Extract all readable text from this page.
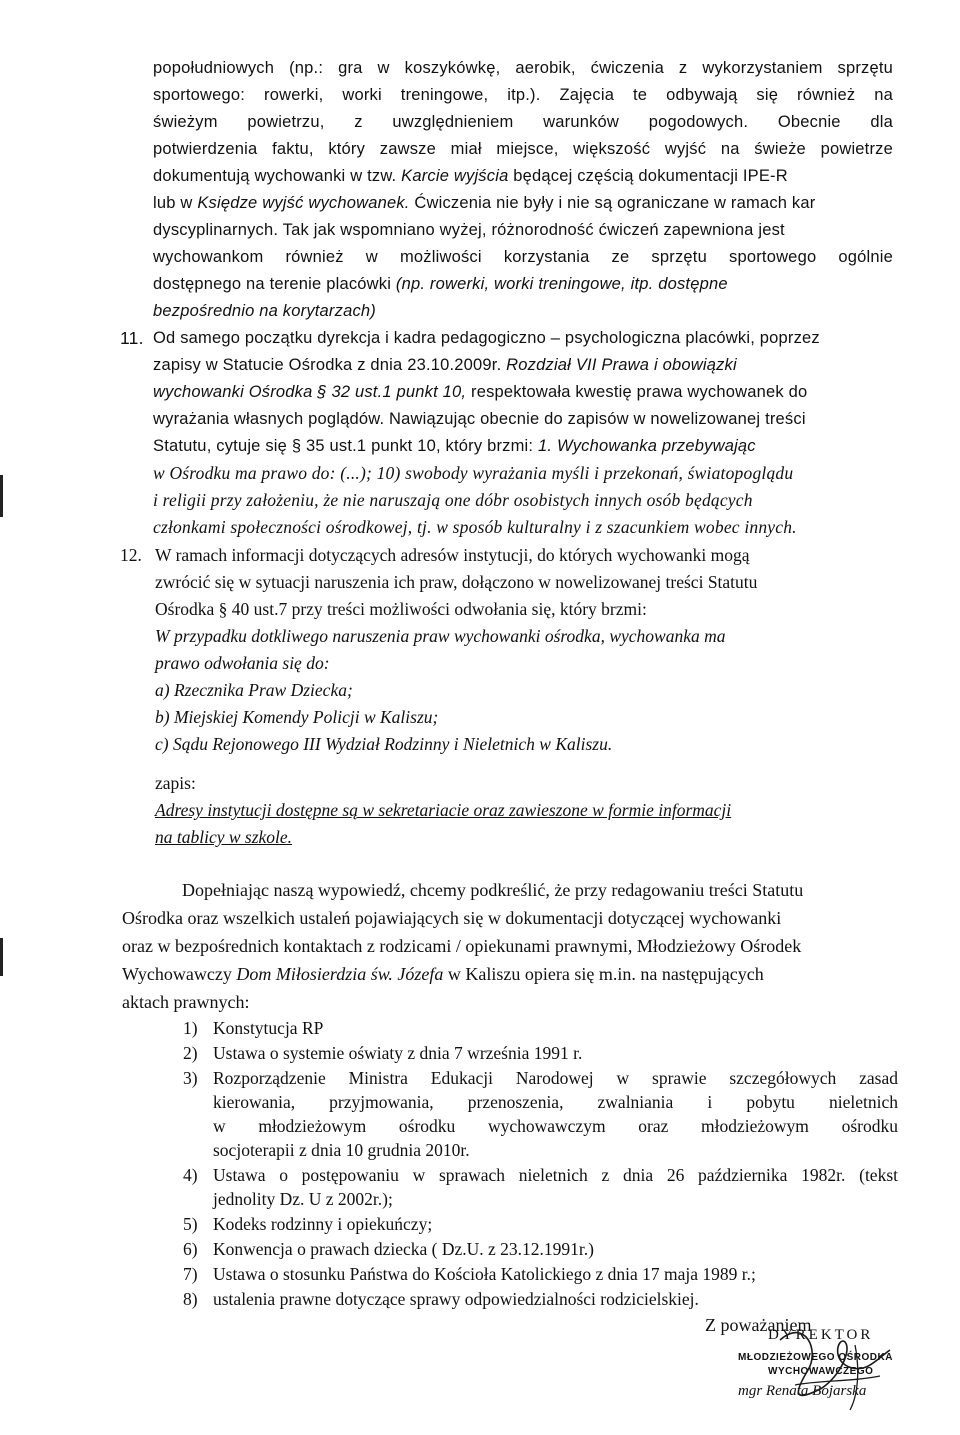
popołudniowych (np.: gra w koszykówkę, aerobik, ćwiczenia z wykorzystaniem sprzętu
sportowego: rowerki, worki treningowe, itp.). Zajęcia te odbywają się również na
świeżym powietrzu, z uwzględnieniem warunków pogodowych. Obecnie dla
potwierdzenia faktu, który zawsze miał miejsce, większość wyjść na świeże powietrze
dokumentują wychowanki w tzw. Karcie wyjścia będącej częścią dokumentacji IPE-R
lub w Księdze wyjść wychowanek. Ćwiczenia nie były i nie są ograniczane w ramach kar
dyscyplinarnych. Tak jak wspomniano wyżej, różnorodność ćwiczeń zapewniona jest
wychowankom również w możliwości korzystania ze sprzętu sportowego ogólnie
dostępnego na terenie placówki (np. rowerki, worki treningowe, itp. dostępne
bezpośrednio na korytarzach)
11. Od samego początku dyrekcja i kadra pedagogiczno – psychologiczna placówki, poprzez
zapisy w Statucie Ośrodka z dnia 23.10.2009r. Rozdział VII Prawa i obowiązki
wychowanki Ośrodka § 32 ust.1 punkt 10, respektowała kwestię prawa wychowanek do
wyrażania własnych poglądów. Nawiązując obecnie do zapisów w nowelizowanej treści
Statutu, cytuje się § 35 ust.1 punkt 10, który brzmi: 1. Wychowanka przebywając
w Ośrodku ma prawo do: (...); 10) swobody wyrażania myśli i przekonań, światopoglądu
i religii przy założeniu, że nie naruszają one dóbr osobistych innych osób będących
członkami społeczności ośrodkowej, tj. w sposób kulturalny i z szacunkiem wobec innych.
12. W ramach informacji dotyczących adresów instytucji, do których wychowanki mogą
zwrócić się w sytuacji naruszenia ich praw, dołączono w nowelizowanej treści Statutu
Ośrodka § 40 ust.7 przy treści możliwości odwołania się, który brzmi:
W przypadku dotkliwego naruszenia praw wychowanki ośrodka, wychowanka ma
prawo odwołania się do:
a) Rzecznika Praw Dziecka;
b) Miejskiej Komendy Policji w Kaliszu;
c) Sądu Rejonowego III Wydział Rodzinny i Nieletnich w Kaliszu.
zapis:
Adresy instytucji dostępne są w sekretariacie oraz zawieszone w formie informacji
na tablicy w szkole.
Dopełniając naszą wypowiedź, chcemy podkreślić, że przy redagowaniu treści Statutu
Ośrodka oraz wszelkich ustaleń pojawiających się w dokumentacji dotyczącej wychowanki
oraz w bezpośrednich kontaktach z rodzicami / opiekunami prawnymi, Młodzieżowy Ośrodek
Wychowawczy Dom Miłosierdzia św. Józefa w Kaliszu opiera się m.in. na następujących
aktach prawnych:
1) Konstytucja RP
2) Ustawa o systemie oświaty z dnia 7 września 1991 r.
3) Rozporządzenie Ministra Edukacji Narodowej w sprawie szczegółowych zasad
kierowania, przyjmowania, przenoszenia, zwalniania i pobytu nieletnich
w młodzieżowym ośrodku wychowawczym oraz młodzieżowym ośrodku
socjoterapii z dnia 10 grudnia 2010r.
4) Ustawa o postępowaniu w sprawach nieletnich z dnia 26 października 1982r. (tekst
jednolity Dz. U z 2002r.);
5) Kodeks rodzinny i opiekuńczy;
6) Konwencja o prawach dziecka ( Dz.U. z 23.12.1991r.)
7) Ustawa o stosunku Państwa do Kościoła Katolickiego z dnia 17 maja 1989 r.;
8) ustalenia prawne dotyczące sprawy odpowiedzialności rodzicielskiej.
Z poważaniem
DYREKTOR
MŁODZIEŻOWEGO OŚRODKA
WYCHOWAWCZEGO
mgr Renata Bojarska
